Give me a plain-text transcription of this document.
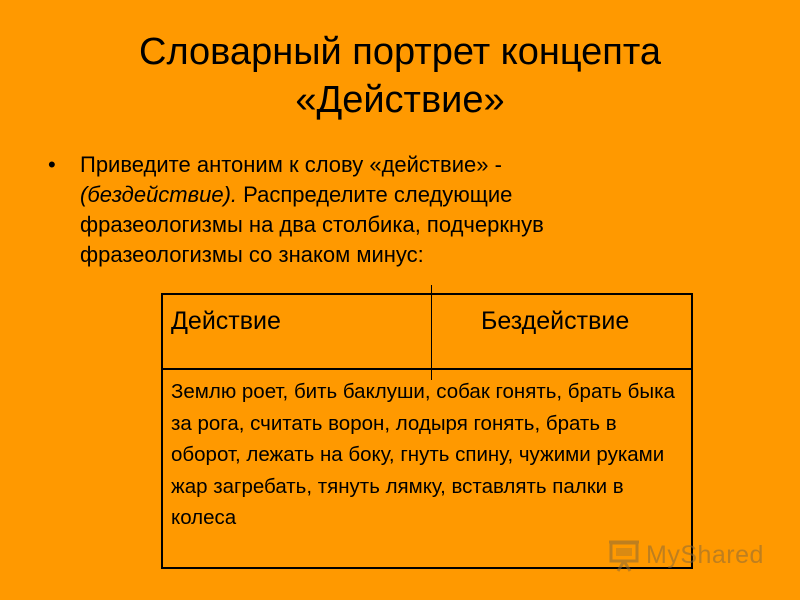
Словарный портрет концепта
«Действие»
•	Приведите антоним к слову «действие» - (бездействие). Распределите следующие фразеологизмы на два столбика, подчеркнув фразеологизмы со знаком минус:
Действие	Бездействие
Землю роет, бить баклуши, собак гонять, брать быка за рога, считать ворон, лодыря гонять, брать в оборот, лежать на боку, гнуть спину, чужими руками жар загребать, тянуть лямку, вставлять палки в колеса
MyShared
